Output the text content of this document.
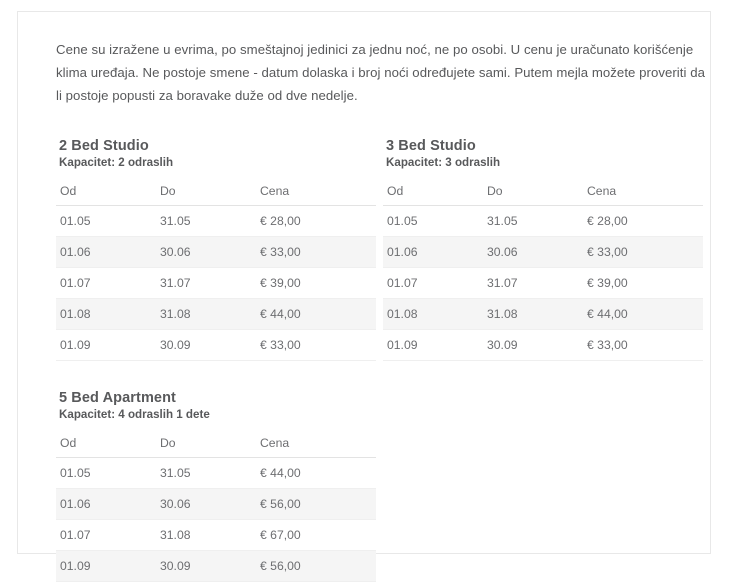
Cene su izražene u evrima, po smeštajnoj jedinici za jednu noć, ne po osobi. U cenu je uračunato korišćenje klima uređaja. Ne postoje smene - datum dolaska i broj noći određujete sami. Putem mejla možete proveriti da li postoje popusti za boravake duže od dve nedelje.

2 Bed Studio
Kapacitet: 2 odraslih
Od	Do	Cena
01.05	31.05	€ 28,00
01.06	30.06	€ 33,00
01.07	31.07	€ 39,00
01.08	31.08	€ 44,00
01.09	30.09	€ 33,00
3 Bed Studio
Kapacitet: 3 odraslih
Od	Do	Cena
01.05	31.05	€ 28,00
01.06	30.06	€ 33,00
01.07	31.07	€ 39,00
01.08	31.08	€ 44,00
01.09	30.09	€ 33,00
5 Bed Apartment
Kapacitet: 4 odraslih 1 dete
Od	Do	Cena
01.05	31.05	€ 44,00
01.06	30.06	€ 56,00
01.07	31.08	€ 67,00
01.09	30.09	€ 56,00
